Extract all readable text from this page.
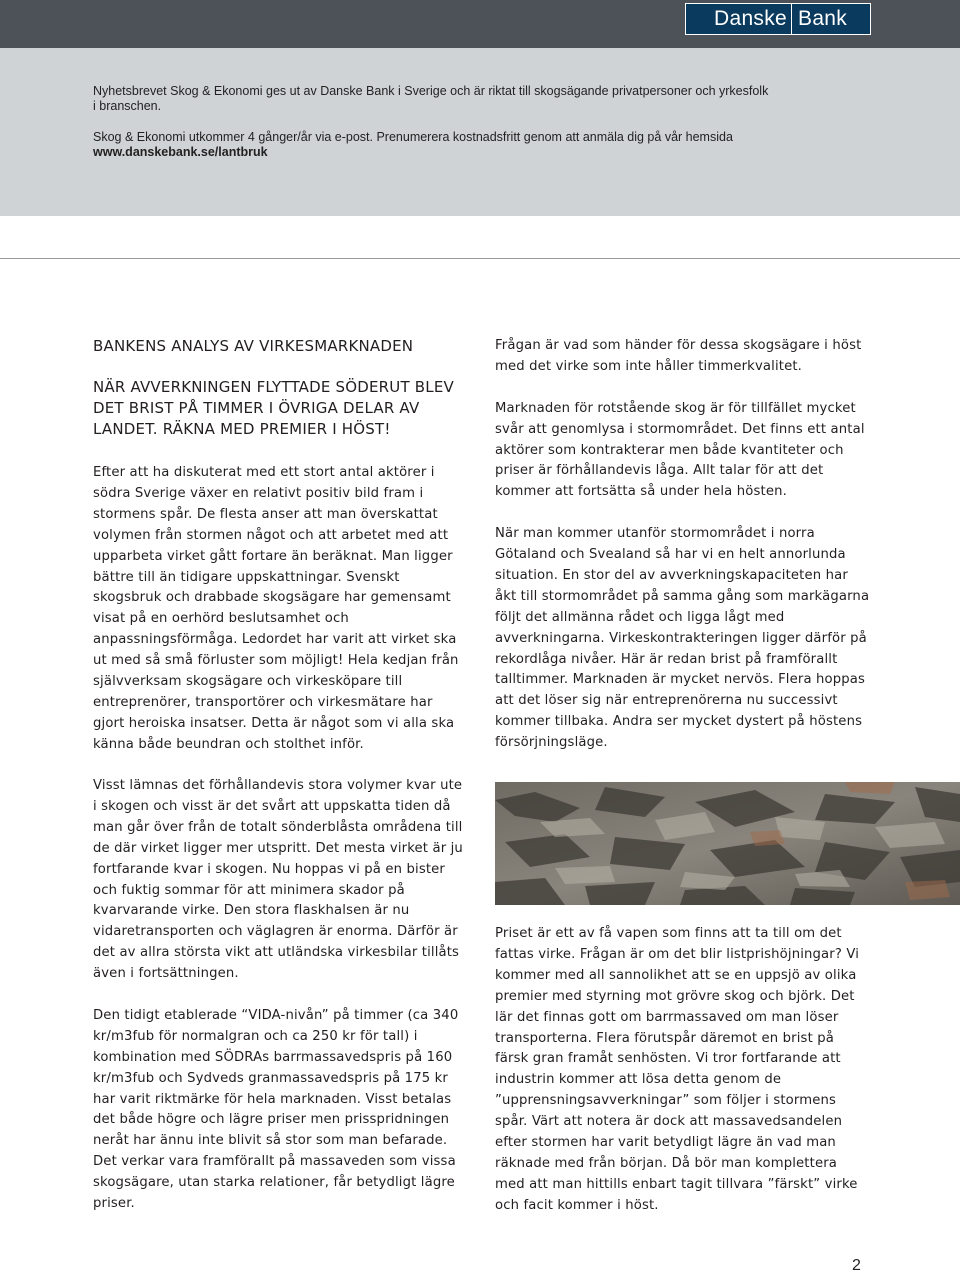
Danske Bank

Nyhetsbrevet Skog & Ekonomi ges ut av Danske Bank i Sverige och är riktat till skogsägande privatpersoner och yrkesfolk i branschen.

Skog & Ekonomi utkommer 4 gånger/år via e-post. Prenumerera kostnadsfritt genom att anmäla dig på vår hemsida www.danskebank.se/lantbruk

BANKENS ANALYS AV VIRKESMARKNADEN
NÄR AVVERKNINGEN FLYTTADE SÖDERUT BLEV DET BRIST PÅ TIMMER I ÖVRIGA DELAR AV LANDET. RÄKNA MED PREMIER I HÖST!

Efter att ha diskuterat med ett stort antal aktörer i södra Sverige växer en relativt positiv bild fram i stormens spår. De flesta anser att man överskattat volymen från stormen något och att arbetet med att upparbeta virket gått fortare än beräknat. Man ligger bättre till än tidigare uppskattningar. Svenskt skogsbruk och drabbade skogsägare har gemensamt visat på en oerhörd beslutsamhet och anpassningsförmåga. Ledordet har varit att virket ska ut med så små förluster som möjligt! Hela kedjan från självverksam skogsägare och virkesköpare till entreprenörer, transportörer och virkesmätare har gjort heroiska insatser. Detta är något som vi alla ska känna både beundran och stolthet inför.

Visst lämnas det förhållandevis stora volymer kvar ute i skogen och visst är det svårt att uppskatta tiden då man går över från de totalt sönderblåsta områdena till de där virket ligger mer utspritt. Det mesta virket är ju fortfarande kvar i skogen. Nu hoppas vi på en bister och fuktig sommar för att minimera skador på kvarvarande virke. Den stora flaskhalsen är nu vidaretransporten och väglagren är enorma. Därför är det av allra största vikt att utländska virkesbilar tillåts även i fortsättningen.

Den tidigt etablerade “VIDA-nivån” på timmer (ca 340 kr/m3fub för normalgran och ca 250 kr för tall) i kombination med SÖDRAs barrmassavedspris på 160 kr/m3fub och Sydveds granmassavedspris på 175 kr har varit riktmärke för hela marknaden. Visst betalas det både högre och lägre priser men prisspridningen neråt har ännu inte blivit så stor som man befarade. Det verkar vara framförallt på massaveden som vissa skogsägare, utan starka relationer, får betydligt lägre priser.

Frågan är vad som händer för dessa skogsägare i höst med det virke som inte håller timmerkvalitet.

Marknaden för rotstående skog är för tillfället mycket svår att genomlysa i stormområdet. Det finns ett antal aktörer som kontrakterar men både kvantiteter och priser är förhållandevis låga. Allt talar för att det kommer att fortsätta så under hela hösten.

När man kommer utanför stormområdet i norra Götaland och Svealand så har vi en helt annorlunda situation. En stor del av avverkningskapaciteten har åkt till stormområdet på samma gång som markägarna följt det allmänna rådet och ligga lågt med avverkningarna. Virkeskontrakteringen ligger därför på rekordlåga nivåer. Här är redan brist på framförallt talltimmer. Marknaden är mycket nervös. Flera hoppas att det löser sig när entreprenörerna nu successivt kommer tillbaka. Andra ser mycket dystert på höstens försörjningsläge.

Priset är ett av få vapen som finns att ta till om det fattas virke. Frågan är om det blir listprishöjningar? Vi kommer med all sannolikhet att se en uppsjö av olika premier med styrning mot grövre skog och björk. Det lär det finnas gott om barrmassaved om man löser transporterna. Flera förutspår däremot en brist på färsk gran framåt senhösten. Vi tror fortfarande att industrin kommer att lösa detta genom de ”upprensningsavverkningar” som följer i stormens spår. Värt att notera är dock att massavedsandelen efter stormen har varit betydligt lägre än vad man räknade med från början. Då bör man komplettera med att man hittills enbart tagit tillvara ”färskt” virke och facit kommer i höst.

2
